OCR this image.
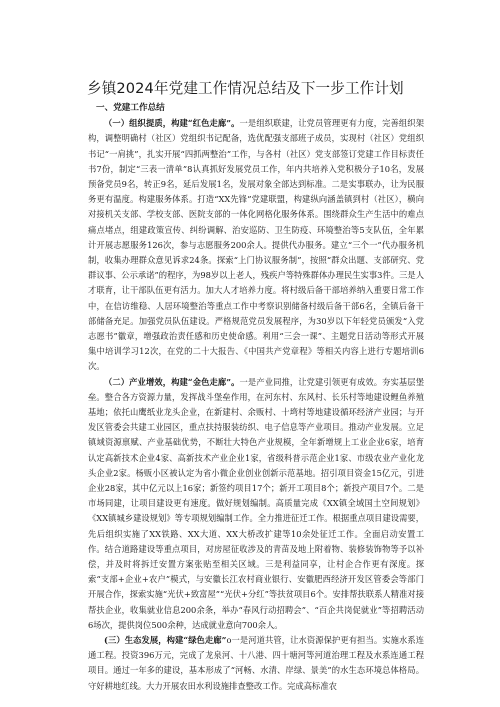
乡镇2024年党建工作情况总结及下一步工作计划

一、党建工作总结

（一）组织提质，构建“红色走廊”。一是组织联建，让党员管理更有力度，完善组织架构，调整明确村（社区）党组织书记配备，选优配强支部班子成员，实现村（社区）党组织书记“一肩挑”，扎实开展“四抓两整治”工作，与各村（社区）党支部签订党建工作目标责任书7份，制定“三表一清单”8认真抓好发展党员工作，年内共培养入党积极分子10名，发展预备党员9名，转正9名，延后发展1名，发展对象全部达到标准。二是实事联办，让为民服务更有温度。构建服务体系。打造“XX先锋”党建联盟，构建纵向涵盖镇到村（社区），横向对接机关支部、学校支部、医院支部的一体化网格化服务体系。围绕群众生产生活中的难点痛点堵点，组建政策宣传、纠纷调解、治安巡防、卫生防疫、环境整治等5支队伍，全年累计开展志愿服务126次，参与志愿服务200余人。提供代办服务。建立“三个一”代办服务机制，收集办理群众意见诉求24条。探索“上门协议服务制”，按照“群众出题、支部研究、党群议事、公示承诺”的程序，为98岁以上老人，残疾户等特殊群体办理民生实事3件。三是人才联育，让干部队伍更有活力。加大人才培养力度。将村级后备干部培养纳入重要日常工作中，在信访维稳、人居环境整治等重点工作中考察识别储备村级后备干部6名，全镇后备干部储备充足。加强党员队伍建设。严格规范党员发展程序，为30岁以下年轻党员颁发“入党志愿书”徽章，增强政治责任感和历史使命感。利用“三会一课”、主题党日活动等形式开展集中培训学习12次，在党的二十大报告、《中国共产党章程》等相关内容上进行专题培训6次。

（二）产业增效，构建“金色走廊”。一是产业同推，让党建引领更有成效。夯实基层堡垒。整合各方资源力量，发挥战斗堡垒作用，在河东村、东风村、长乐村等地建设鲤鱼养殖基地；依托山鹰纸业龙头企业，在新建村、余贩村、十塆村等地建设循环经济产业园；与开发区管委会共建工业园区，重点扶持服装纺织、电子信息等产业项目。推动产业发展。立足镇域资源禀赋、产业基础优势，不断壮大特色产业规模，全年新增规上工业企业6家，培育认定高新技术企业4家、高新技术产业企业1家，省级科普示范企业1家、市级农业产业化龙头企业2家。杨贩小区被认定为省小微企业创业创新示范基地。招引项目资金15亿元，引进企业28家，其中亿元以上16家；新签约项目17个；新开工项目8个；新投产项目7个。二是市场同建，让项目建设更有速度。做好规划编制。高质量完成《XX镇全域国土空间规划》《XX镇城乡建设规划》等专项规划编制工作。全力推进征迁工作。根据重点项目建设需要，先后组织实施了XX铁路、XX大道、XX大桥改扩建等10余处征迁工作。全面启动安置工作。结合道路建设等重点项目，对房屋征收涉及的青苗及地上附着物、装修装饰物等予以补偿，并及时将拆迁安置方案张贴至相关区域。三是利益同享，让村企合作更有深度。探索“支部+企业+农户”模式，与安徽长江农村商业银行、安徽肥西经济开发区管委会等部门开展合作，探索实施“光伏+致富屋”“光伏+分红”等扶贫项目6个。安排帮扶联系人精准对接帮扶企业，收集就业信息200余条，举办“春风行动招聘会”、“百企共岗促就业”等招聘活动6场次，提供岗位500余种，达成就业意向700余人。

(三）生态发展，构建“绿色走廊”o一是河道共管，让水资源保护更有担当。实施水系连通工程。投资396万元，完成了龙泉河、十八港、四十塘河等河道治理工程及水系连通工程项目。通过一年多的建设，基本形成了“河畅、水清、岸绿、景美”的水生态环境总体格局。守好耕地红线。大力开展农田水利设施排查整改工作。完成高标准农
